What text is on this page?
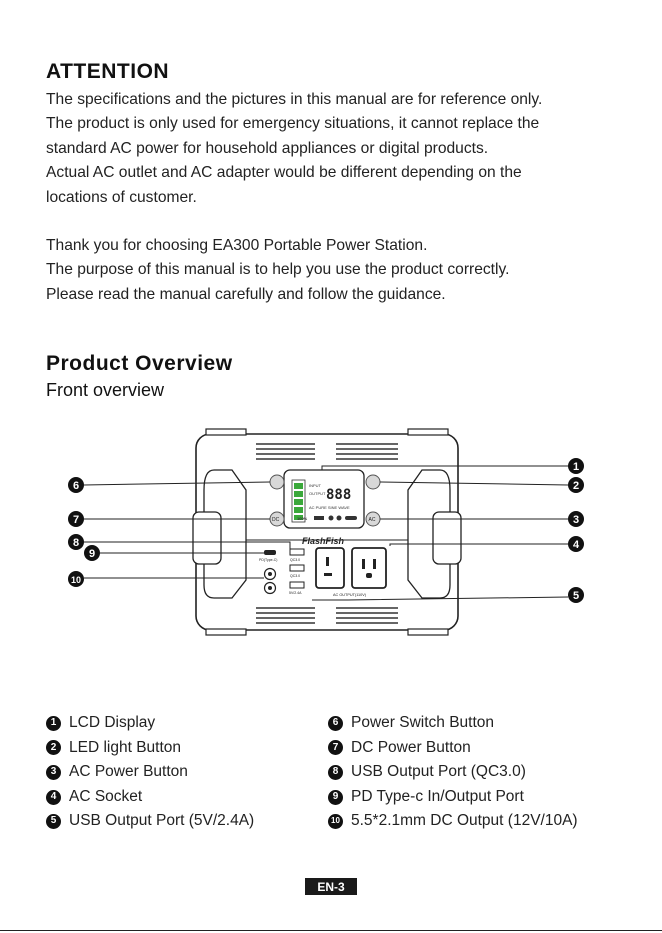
ATTENTION
The specifications and the pictures in this manual are for reference only.
The product is only used for emergency situations, it cannot replace the
standard AC power for household appliances or digital products.
Actual AC outlet and AC adapter would be different depending on the
locations of customer.
Thank you for choosing EA300 Portable Power Station.
The purpose of this manual is to help you use the product correctly.
Please read the manual carefully and follow the guidance.
Product Overview
Front overview
INPUT
OUTPUT 888
AC PURE SINE WAVE
100%
DC	AC
FlashFish
PD(Type-C)	QC3.0
QC3.0
5V/2.4A	AC OUTPUT(110V)
1
2
3
4
5
6
7
8
9
10
1 LCD Display
2 LED light Button
3 AC Power Button
4 AC Socket
5 USB Output Port (5V/2.4A)
6 Power Switch Button
7 DC Power Button
8 USB Output Port (QC3.0)
9 PD Type-c In/Output Port
10 5.5*2.1mm DC Output (12V/10A)
EN-3
